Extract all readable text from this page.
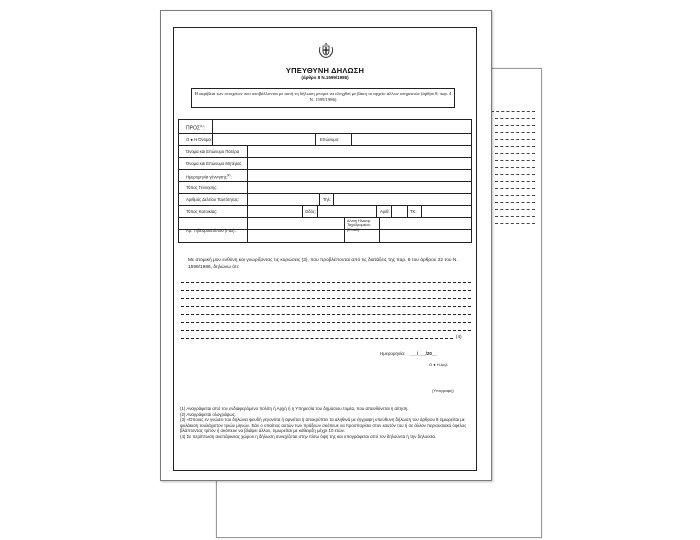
ΥΠΕΥΘΥΝΗ ΔΗΛΩΣΗ
(άρθρο 8 Ν.1599/1986)
Η ακρίβεια των στοιχείων που υποβάλλονται με αυτή τη δήλωση μπορεί να ελεγχθεί με βάση το αρχείο άλλων υπηρεσιών (άρθρο 8, παρ. 4 Ν. 1599/1986)
ΠΡΟΣ$^{(1)}$:
Ο ● Η Όνομα:	Επώνυμο:
Όνομα και Επώνυμο Πατέρα
Όνομα και Επώνυμο Μητέρας
Ημερομηνία γέννησης$^{(2)}$:
Τόπος Γέννησης:
Αριθμός Δελτίου Ταυτότητας:	Τηλ:
Τόπος Κατοικίας:	Οδός:	Αριθ:	ΤΚ:
Αρ. Τηλεομοιοτύπου (Fax):
Δ/νση Ηλεκτρ.
Ταχυδρομείου
(Email):
Με ατομική μου ευθύνη και γνωρίζοντας τις κυρώσεις (3), που προβλέπονται από τις διατάξεις της παρ. 6 του άρθρου 22 του Ν. 1599/1986, δηλώνω ότι:
(4)
Ημερομηνία: ___/___/20__
Ο ● Η Δηλ.
(Υπογραφή)
(1) Αναγράφεται από τον ενδιαφερόμενο πολίτη ή Αρχή ή η Υπηρεσία του δημόσιου τομέα, που απευθύνεται η αίτηση.
(2) Αναγράφεται ολογράφως.
(3) «Όποιος εν γνώσει του δηλώνει ψευδή γεγονότα ή αρνείται ή αποκρύπτει τα αληθινά με έγγραφη υπεύθυνη δήλωση του άρθρου 8 τιμωρείται με φυλάκιση τουλάχιστον τριών μηνών. Εάν ο υπαίτιος αυτών των πράξεων σκόπευε να προσπορίσει στον εαυτόν του ή σε άλλον περιουσιακό όφελος βλάπτοντας τρίτον ή σκόπευε να βλάψει άλλον, τιμωρείται με κάθειρξη μέχρι 10 ετών.
(4) Σε περίπτωση ανεπάρκειας χώρου η δήλωση συνεχίζεται στην πίσω όψη της και υπογράφεται από τον δηλούντα ή την δηλούσα.
